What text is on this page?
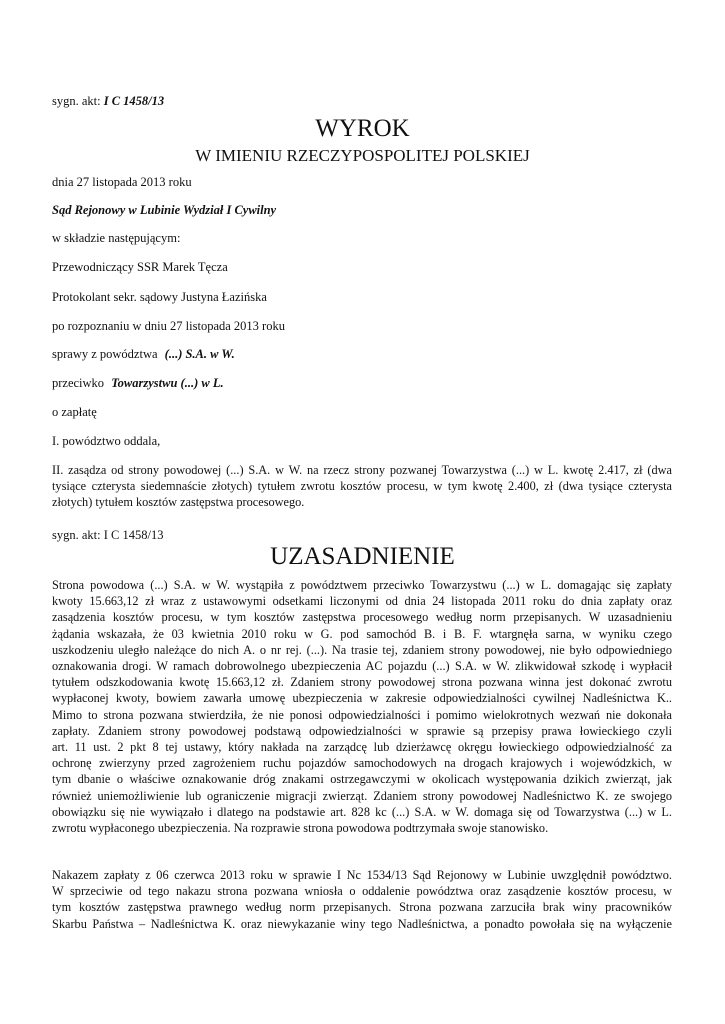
sygn. akt: I C 1458/13
WYROK
W IMIENIU RZECZYPOSPOLITEJ POLSKIEJ
dnia 27 listopada 2013 roku
Sąd Rejonowy w Lubinie Wydział I Cywilny
w składzie następującym:
Przewodniczący SSR Marek Tęcza
Protokolant sekr. sądowy Justyna Łazińska
po rozpoznaniu w dniu 27 listopada 2013 roku
sprawy z powództwa (...) S.A. w W.
przeciwko Towarzystwu (...) w L.
o zapłatę
I. powództwo oddala,
II. zasądza od strony powodowej (...) S.A. w W. na rzecz strony pozwanej Towarzystwa (...) w L. kwotę 2.417, zł (dwa
tysiące czterysta siedemnaście złotych) tytułem zwrotu kosztów procesu, w tym kwotę 2.400, zł (dwa tysiące czterysta
złotych) tytułem kosztów zastępstwa procesowego.
sygn. akt: I C 1458/13
UZASADNIENIE
Strona powodowa (...) S.A. w W. wystąpiła z powództwem przeciwko Towarzystwu (...) w L. domagając się zapłaty
kwoty 15.663,12 zł wraz z ustawowymi odsetkami liczonymi od dnia 24 listopada 2011 roku do dnia zapłaty oraz
zasądzenia kosztów procesu, w tym kosztów zastępstwa procesowego według norm przepisanych. W uzasadnieniu
żądania wskazała, że 03 kwietnia 2010 roku w G. pod samochód B. i B. F. wtargnęła sarna, w wyniku czego
uszkodzeniu uległo należące do nich A. o nr rej. (...). Na trasie tej, zdaniem strony powodowej, nie było odpowiedniego
oznakowania drogi. W ramach dobrowolnego ubezpieczenia AC pojazdu (...) S.A. w W. zlikwidował szkodę i wypłacił
tytułem odszkodowania kwotę 15.663,12 zł. Zdaniem strony powodowej strona pozwana winna jest dokonać zwrotu
wypłaconej kwoty, bowiem zawarła umowę ubezpieczenia w zakresie odpowiedzialności cywilnej Nadleśnictwa K..
Mimo to strona pozwana stwierdziła, że nie ponosi odpowiedzialności i pomimo wielokrotnych wezwań nie dokonała
zapłaty. Zdaniem strony powodowej podstawą odpowiedzialności w sprawie są przepisy prawa łowieckiego czyli
art. 11 ust. 2 pkt 8 tej ustawy, który nakłada na zarządcę lub dzierżawcę okręgu łowieckiego odpowiedzialność za
ochronę zwierzyny przed zagrożeniem ruchu pojazdów samochodowych na drogach krajowych i wojewódzkich, w
tym dbanie o właściwe oznakowanie dróg znakami ostrzegawczymi w okolicach występowania dzikich zwierząt, jak
również uniemożliwienie lub ograniczenie migracji zwierząt. Zdaniem strony powodowej Nadleśnictwo K. ze swojego
obowiązku się nie wywiązało i dlatego na podstawie art. 828 kc (...) S.A. w W. domaga się od Towarzystwa (...) w L.
zwrotu wypłaconego ubezpieczenia. Na rozprawie strona powodowa podtrzymała swoje stanowisko.
Nakazem zapłaty z 06 czerwca 2013 roku w sprawie I Nc 1534/13 Sąd Rejonowy w Lubinie uwzględnił powództwo.
W sprzeciwie od tego nakazu strona pozwana wniosła o oddalenie powództwa oraz zasądzenie kosztów procesu, w
tym kosztów zastępstwa prawnego według norm przepisanych. Strona pozwana zarzuciła brak winy pracowników
Skarbu Państwa – Nadleśnictwa K. oraz niewykazanie winy tego Nadleśnictwa, a ponadto powołała się na wyłączenie
